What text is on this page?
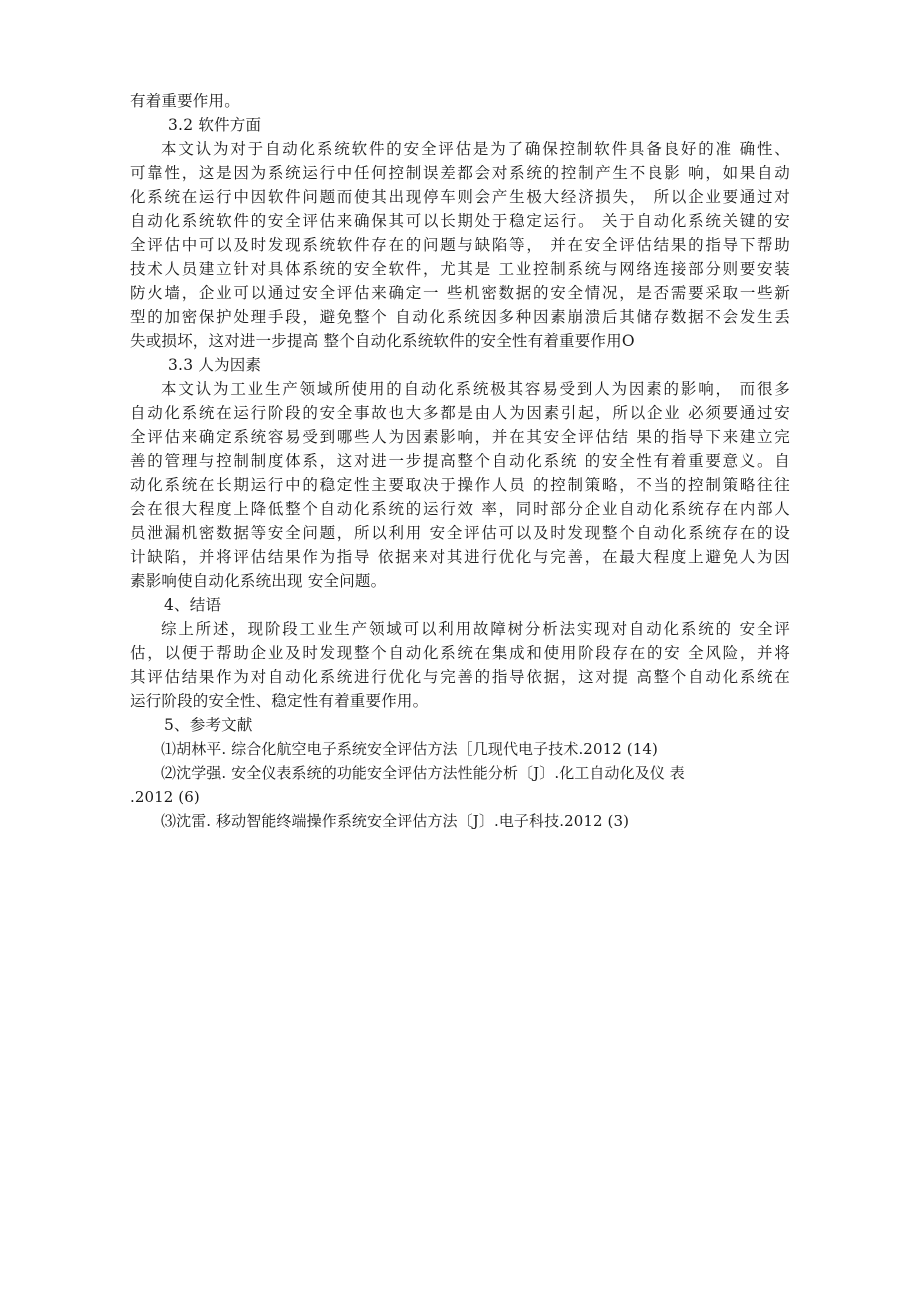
有着重要作用。
3.2 软件方面
本文认为对于自动化系统软件的安全评估是为了确保控制软件具备良好的准 确性、
可靠性，这是因为系统运行中任何控制误差都会对系统的控制产生不良影 响，如果自动
化系统在运行中因软件问题而使其出现停车则会产生极大经济损失， 所以企业要通过对
自动化系统软件的安全评估来确保其可以长期处于稳定运行。 关于自动化系统关键的安
全评估中可以及时发现系统软件存在的问题与缺陷等， 并在安全评估结果的指导下帮助
技术人员建立针对具体系统的安全软件，尤其是 工业控制系统与网络连接部分则要安装
防火墙，企业可以通过安全评估来确定一 些机密数据的安全情况，是否需要采取一些新
型的加密保护处理手段，避免整个 自动化系统因多种因素崩溃后其储存数据不会发生丢
失或损坏，这对进一步提高 整个自动化系统软件的安全性有着重要作用O
3.3 人为因素
本文认为工业生产领域所使用的自动化系统极其容易受到人为因素的影响， 而很多
自动化系统在运行阶段的安全事故也大多都是由人为因素引起，所以企业 必须要通过安
全评估来确定系统容易受到哪些人为因素影响，并在其安全评估结 果的指导下来建立完
善的管理与控制制度体系，这对进一步提高整个自动化系统 的安全性有着重要意义。自
动化系统在长期运行中的稳定性主要取决于操作人员 的控制策略，不当的控制策略往往
会在很大程度上降低整个自动化系统的运行效 率，同时部分企业自动化系统存在内部人
员泄漏机密数据等安全问题，所以利用 安全评估可以及时发现整个自动化系统存在的设
计缺陷，并将评估结果作为指导 依据来对其进行优化与完善，在最大程度上避免人为因
素影响使自动化系统出现 安全问题。
4、结语
综上所述，现阶段工业生产领域可以利用故障树分析法实现对自动化系统的 安全评
估，以便于帮助企业及时发现整个自动化系统在集成和使用阶段存在的安 全风险，并将
其评估结果作为对自动化系统进行优化与完善的指导依据，这对提 高整个自动化系统在
运行阶段的安全性、稳定性有着重要作用。
5、参考文献
⑴胡林平. 综合化航空电子系统安全评估方法［几现代电子技术.2012 (14)
⑵沈学强. 安全仪表系统的功能安全评估方法性能分析〔J〕.化工自动化及仪 表
.2012 (6)
⑶沈雷. 移动智能终端操作系统安全评估方法〔J〕.电子科技.2012 (3)
